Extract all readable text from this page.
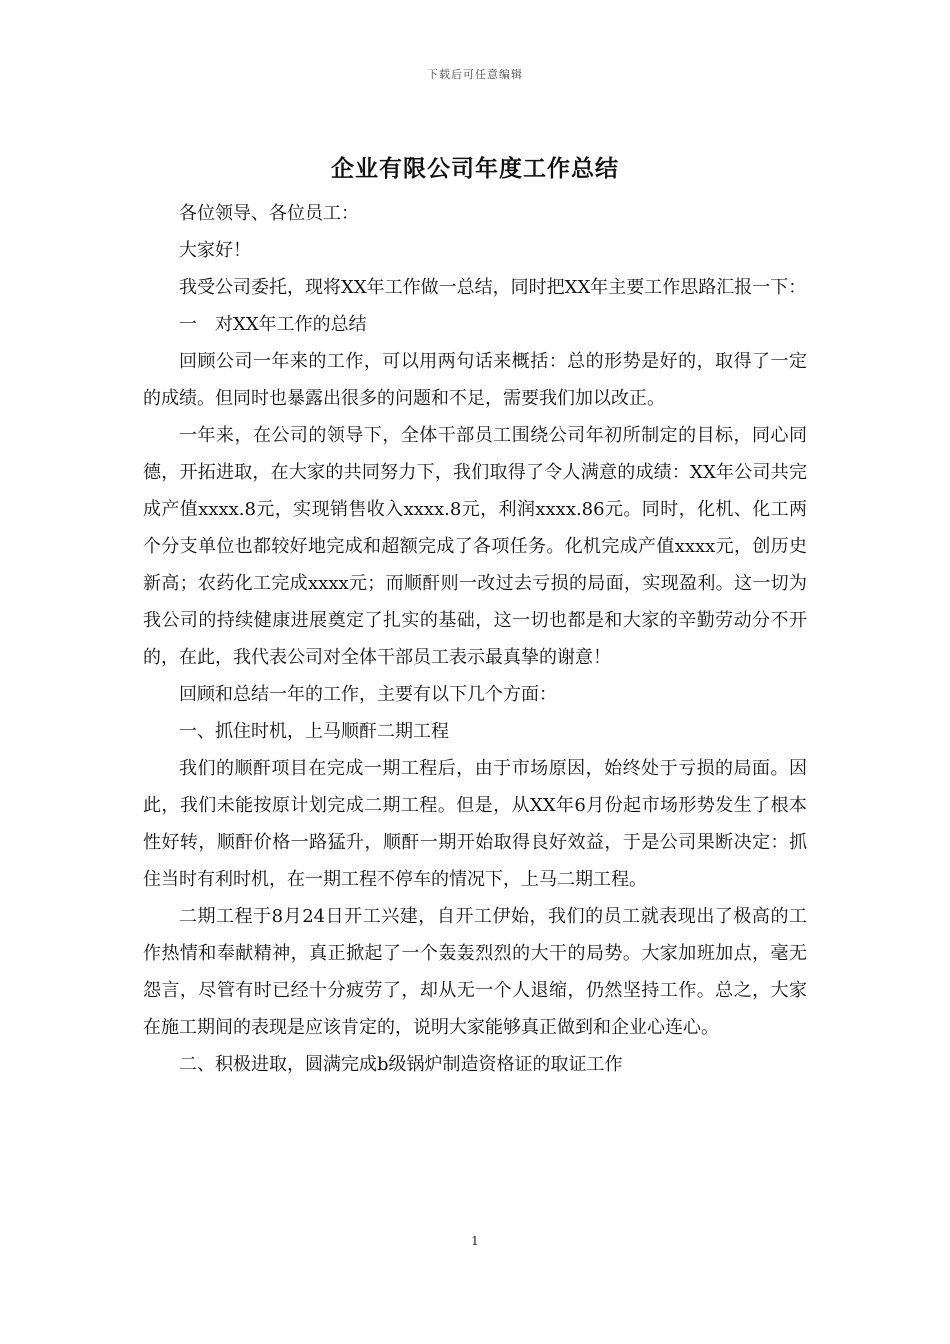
下载后可任意编辑
企业有限公司年度工作总结

各位领导、各位员工：

大家好！

我受公司委托，现将XX年工作做一总结，同时把XX年主要工作思路汇报一下：

一　对XX年工作的总结

回顾公司一年来的工作，可以用两句话来概括：总的形势是好的，取得了一定的成绩。但同时也暴露出很多的问题和不足，需要我们加以改正。

一年来，在公司的领导下，全体干部员工围绕公司年初所制定的目标，同心同德，开拓进取，在大家的共同努力下，我们取得了令人满意的成绩：XX年公司共完成产值xxxx.8元，实现销售收入xxxx.8元，利润xxxx.86元。同时，化机、化工两个分支单位也都较好地完成和超额完成了各项任务。化机完成产值xxxx元，创历史新高；农药化工完成xxxx元；而顺酐则一改过去亏损的局面，实现盈利。这一切为我公司的持续健康进展奠定了扎实的基础，这一切也都是和大家的辛勤劳动分不开的，在此，我代表公司对全体干部员工表示最真挚的谢意！

回顾和总结一年的工作，主要有以下几个方面：

一、抓住时机，上马顺酐二期工程

我们的顺酐项目在完成一期工程后，由于市场原因，始终处于亏损的局面。因此，我们未能按原计划完成二期工程。但是，从XX年6月份起市场形势发生了根本性好转，顺酐价格一路猛升，顺酐一期开始取得良好效益，于是公司果断决定：抓住当时有利时机，在一期工程不停车的情况下，上马二期工程。

二期工程于8月24日开工兴建，自开工伊始，我们的员工就表现出了极高的工作热情和奉献精神，真正掀起了一个轰轰烈烈的大干的局势。大家加班加点，毫无怨言，尽管有时已经十分疲劳了，却从无一个人退缩，仍然坚持工作。总之，大家在施工期间的表现是应该肯定的，说明大家能够真正做到和企业心连心。

二、积极进取，圆满完成b级锅炉制造资格证的取证工作

1
